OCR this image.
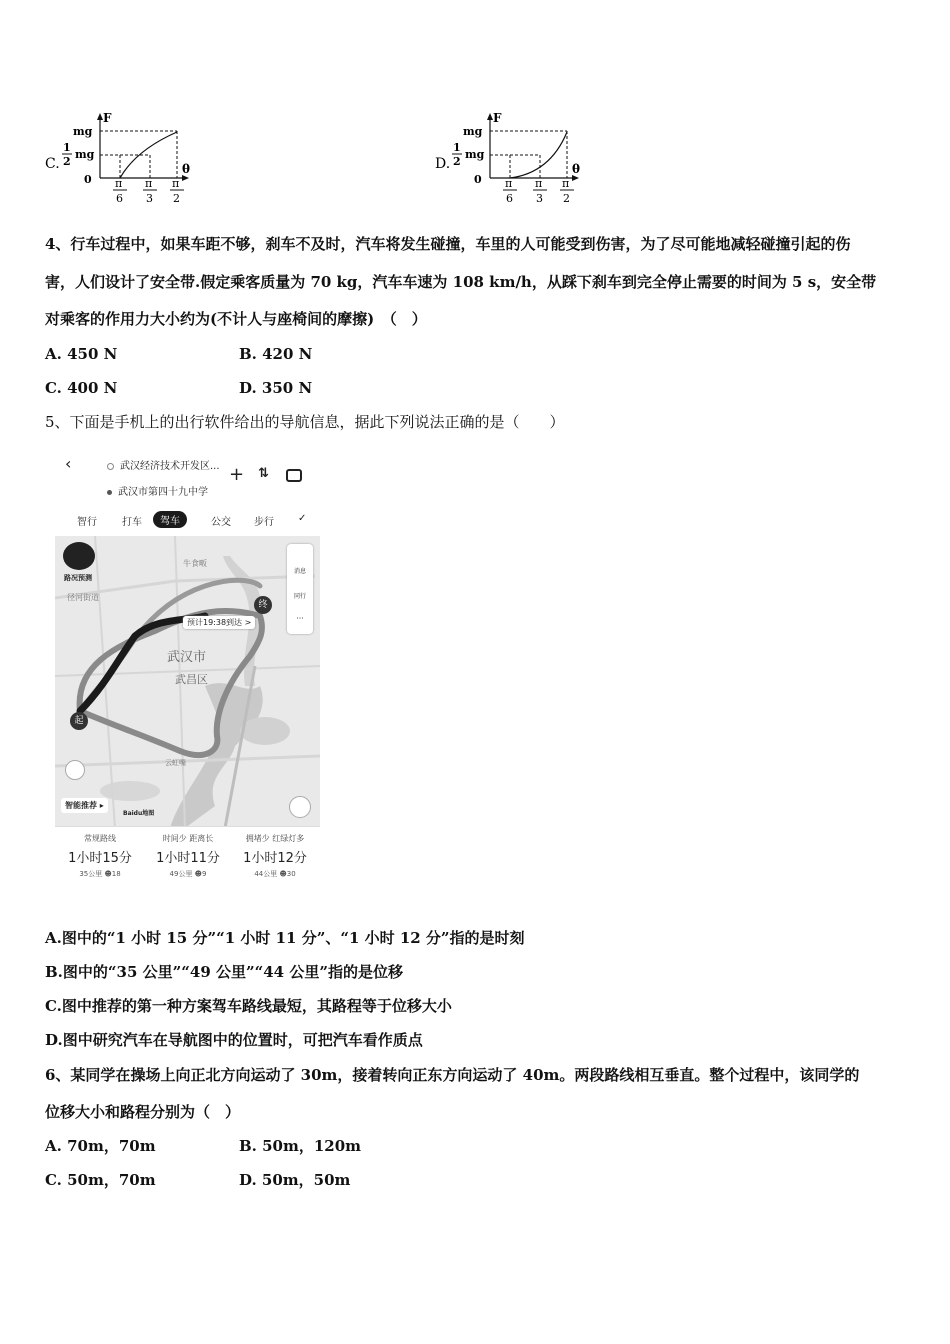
C.
F
mg
1
2
mg
0
θ
π
6
π
3
π
2
D.
F
mg
1
2
mg
0
θ
π
6
π
3
π
2
4、行车过程中，如果车距不够，刹车不及时，汽车将发生碰撞，车里的人可能受到伤害，为了尽可能地减轻碰撞引起的伤
害，人们设计了安全带.假定乘客质量为 70 kg，汽车车速为 108 km/h，从踩下刹车到完全停止需要的时间为 5 s，安全带
对乘客的作用力大小约为(不计人与座椅间的摩擦)　（　）
A. 450 N	B. 420 N
C. 400 N	D. 350 N
5、下面是手机上的出行软件给出的导航信息，据此下列说法正确的是（　　）
‹	武汉经济技术开发区...
武汉市第四十九中学
+ ⇅
智行	打车	驾车	公交 步行 ✓
路况预测
径河街道
牛食畈
云虹嘴
武汉市
武昌区
预计19:38到达 >
消息
同行
···
终
起
智能推荐 ▸
Baidu地图
常规路线
1小时15分
35公里 ☻18
时间少 距离长
1小时11分
49公里 ☻9
拥堵少 红绿灯多
1小时12分
44公里 ☻30
A.图中的“1 小时 15 分”“1 小时 11 分”、“1 小时 12 分”指的是时刻
B.图中的“35 公里”“49 公里”“44 公里”指的是位移
C.图中推荐的第一种方案驾车路线最短，其路程等于位移大小
D.图中研究汽车在导航图中的位置时，可把汽车看作质点
6、某同学在操场上向正北方向运动了 30m，接着转向正东方向运动了 40m。两段路线相互垂直。整个过程中，该同学的
位移大小和路程分别为（　）
A. 70m，70m	B. 50m，120m
C. 50m，70m	D. 50m，50m
